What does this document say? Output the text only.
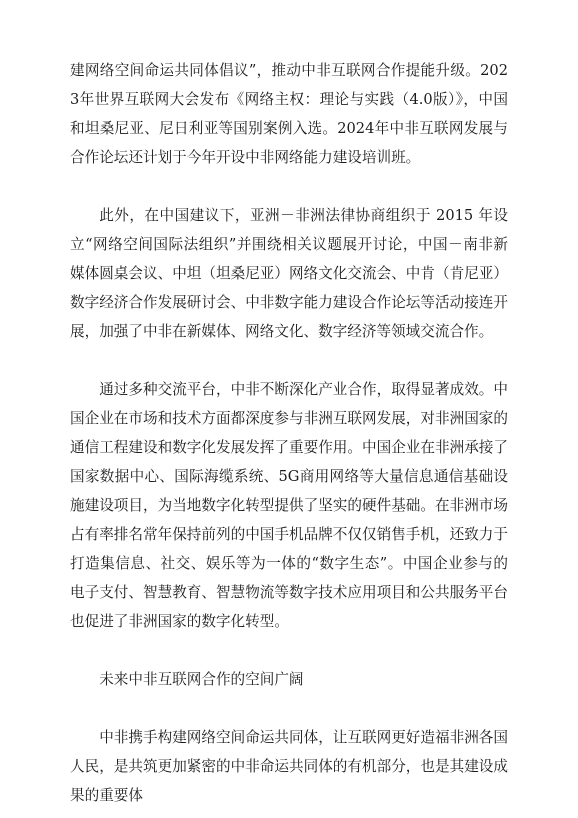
建网络空间命运共同体倡议”，推动中非互联网合作提能升级。2023年世界互联网大会发布《网络主权：理论与实践（4.0版）》，中国和坦桑尼亚、尼日利亚等国别案例入选。2024年中非互联网发展与合作论坛还计划于今年开设中非网络能力建设培训班。

此外，在中国建议下，亚洲－非洲法律协商组织于 2015 年设立“网络空间国际法组织”并围绕相关议题展开讨论，中国－南非新媒体圆桌会议、中坦（坦桑尼亚）网络文化交流会、中肯（肯尼亚）数字经济合作发展研讨会、中非数字能力建设合作论坛等活动接连开展，加强了中非在新媒体、网络文化、数字经济等领域交流合作。

通过多种交流平台，中非不断深化产业合作，取得显著成效。中国企业在市场和技术方面都深度参与非洲互联网发展，对非洲国家的通信工程建设和数字化发展发挥了重要作用。中国企业在非洲承接了国家数据中心、国际海缆系统、5G商用网络等大量信息通信基础设施建设项目，为当地数字化转型提供了坚实的硬件基础。在非洲市场占有率排名常年保持前列的中国手机品牌不仅仅销售手机，还致力于打造集信息、社交、娱乐等为一体的“数字生态”。中国企业参与的电子支付、智慧教育、智慧物流等数字技术应用项目和公共服务平台也促进了非洲国家的数字化转型。

未来中非互联网合作的空间广阔

中非携手构建网络空间命运共同体，让互联网更好造福非洲各国人民，是共筑更加紧密的中非命运共同体的有机部分，也是其建设成果的重要体
